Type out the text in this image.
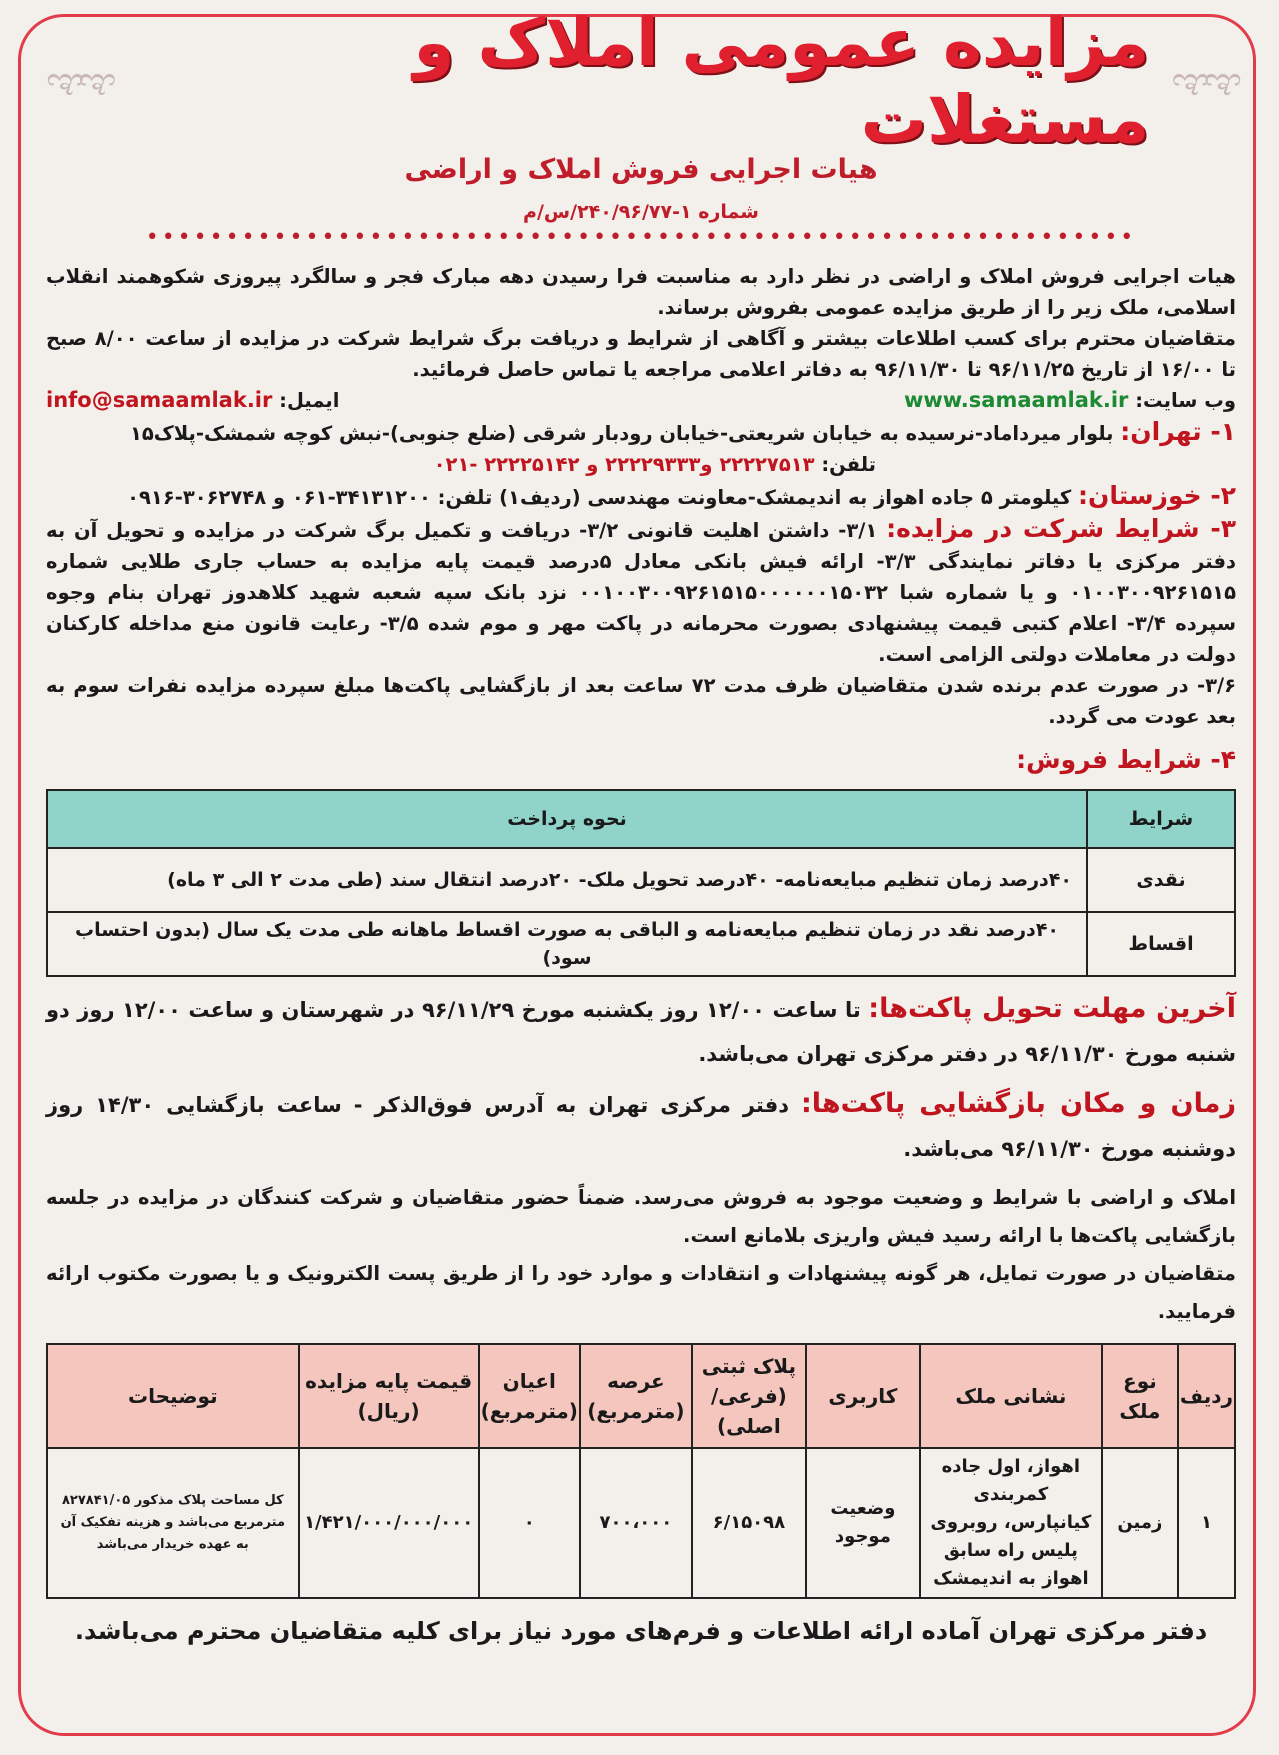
ಞಞ	مزایده عمومی املاک و مستغلات
ಞಞ
هیات اجرایی فروش املاک و اراضی
شماره ۱-۲۴۰/۹۶/۷۷/س/م
••••••••••••••••••••••••••••••••••••••••••••••••••••••••••••••

هیات اجرایی فروش املاک و اراضی در نظر دارد به مناسبت فرا رسیدن دهه مبارک فجر و سالگرد پیروزی شکوهمند انقلاب اسلامی، ملک زیر را از طریق مزایده عمومی بفروش برساند.

متقاضیان محترم برای کسب اطلاعات بیشتر و آگاهی از شرایط و دریافت برگ شرایط شرکت در مزایده از ساعت ۸/۰۰ صبح تا ۱۶/۰۰ از تاریخ ۹۶/۱۱/۲۵ تا ۹۶/۱۱/۳۰ به دفاتر اعلامی مراجعه یا تماس حاصل فرمائید.

وب سایت: www.samaamlak.ir
ایمیل: info@samaamlak.ir

۱- تهران: بلوار میرداماد-نرسیده به خیابان شریعتی-خیابان رودبار شرقی (ضلع جنوبی)-نبش کوچه شمشک-پلاک۱۵

تلفن: ۲۲۲۲۷۵۱۳ و۲۲۲۲۹۳۳۳ و ۲۲۲۲۵۱۴۲ -۰۲۱

۲- خوزستان: کیلومتر ۵ جاده اهواز به اندیمشک-معاونت مهندسی (ردیف۱) تلفن: ۳۴۱۳۱۲۰۰-۰۶۱ و ۳۰۶۲۷۴۸-۰۹۱۶

۳- شرایط شرکت در مزایده: ۳/۱- داشتن اهلیت قانونی ۳/۲- دریافت و تکمیل برگ شرکت در مزایده و تحویل آن به دفتر مرکزی یا دفاتر نمایندگی ۳/۳- ارائه فیش بانکی معادل ۵درصد قیمت پایه مزایده به حساب جاری طلایی شماره ۰۱۰۰۳۰۰۹۲۶۱۵۱۵ و یا شماره شبا ۰۰۱۰۰۳۰۰۹۲۶۱۵۱۵۰۰۰۰۰۰۱۵۰۳۲ نزد بانک سپه شعبه شهید کلاهدوز تهران بنام وجوه سپرده ۳/۴- اعلام کتبی قیمت پیشنهادی بصورت محرمانه در پاکت مهر و موم شده ۳/۵- رعایت قانون منع مداخله کارکنان دولت در معاملات دولتی الزامی است.

۳/۶- در صورت عدم برنده شدن متقاضیان ظرف مدت ۷۲ ساعت بعد از بازگشایی پاکت‌ها مبلغ سپرده مزایده نفرات سوم به بعد عودت می گردد.

۴- شرایط فروش:

شرایط	نحوه پرداخت
نقدی	۴۰درصد زمان تنظیم مبایعه‌نامه- ۴۰درصد تحویل ملک- ۲۰درصد انتقال سند (طی مدت ۲ الی ۳ ماه)
اقساط	۴۰درصد نقد در زمان تنظیم مبایعه‌نامه و الباقی به صورت اقساط ماهانه طی مدت یک سال (بدون احتساب سود)

آخرین مهلت تحویل پاکت‌ها: تا ساعت ۱۲/۰۰ روز یکشنبه مورخ ۹۶/۱۱/۲۹ در شهرستان و ساعت ۱۲/۰۰ روز دو شنبه مورخ ۹۶/۱۱/۳۰ در دفتر مرکزی تهران می‌باشد.

زمان و مکان بازگشایی پاکت‌ها: دفتر مرکزی تهران به آدرس فوق‌الذکر - ساعت بازگشایی ۱۴/۳۰ روز دوشنبه مورخ ۹۶/۱۱/۳۰ می‌باشد.

املاک و اراضی با شرایط و وضعیت موجود به فروش می‌رسد. ضمناً حضور متقاضیان و شرکت کنندگان در مزایده در جلسه بازگشایی پاکت‌ها با ارائه رسید فیش واریزی بلامانع است.

متقاضیان در صورت تمایل، هر گونه پیشنهادات و انتقادات و موارد خود را از طریق پست الکترونیک و یا بصورت مکتوب ارائه فرمایید.

ردیف	نوع ملک	نشانی ملک	کاربری	پلاک ثبتی (فرعی/اصلی)	عرصه (مترمربع)	اعیان (مترمربع)	قیمت پایه مزایده (ریال)	توضیحات
۱	زمین	اهواز، اول جاده کمربندی کیانپارس، روبروی پلیس راه سابق اهواز به اندیمشک	وضعیت موجود	۶/۱۵۰۹۸	۷۰۰،۰۰۰	۰	۱/۴۲۱/۰۰۰/۰۰۰/۰۰۰	کل مساحت پلاک مذکور ۸۲۷۸۴۱/۰۵ مترمربع می‌باشد و هزینه تفکیک آن به عهده خریدار می‌باشد
دفتر مرکزی تهران آماده ارائه اطلاعات و فرم‌های مورد نیاز برای کلیه متقاضیان محترم می‌باشد.
